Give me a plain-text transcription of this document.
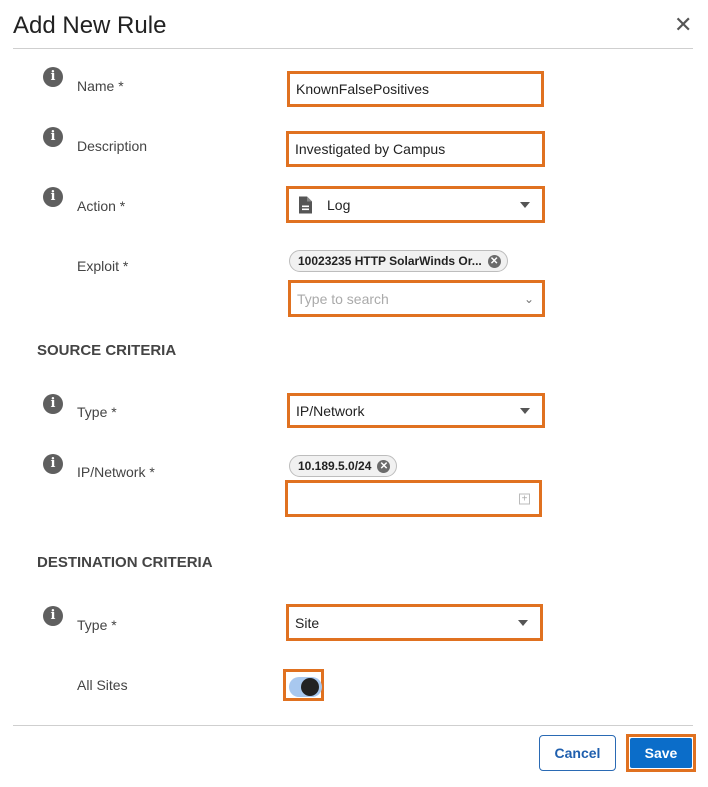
Add New Rule	✕
i
Name *	KnownFalsePositives
i
Description	Investigated by Campus
i
Action *	Log
Exploit *	10023235 HTTP SolarWinds Or... ✕
Type to search	⌄
SOURCE CRITERIA
i
Type *	IP/Network
i
IP/Network *	10.189.5.0/24 ✕
+
DESTINATION CRITERIA
i
Type *	Site
All Sites
Cancel	Save
